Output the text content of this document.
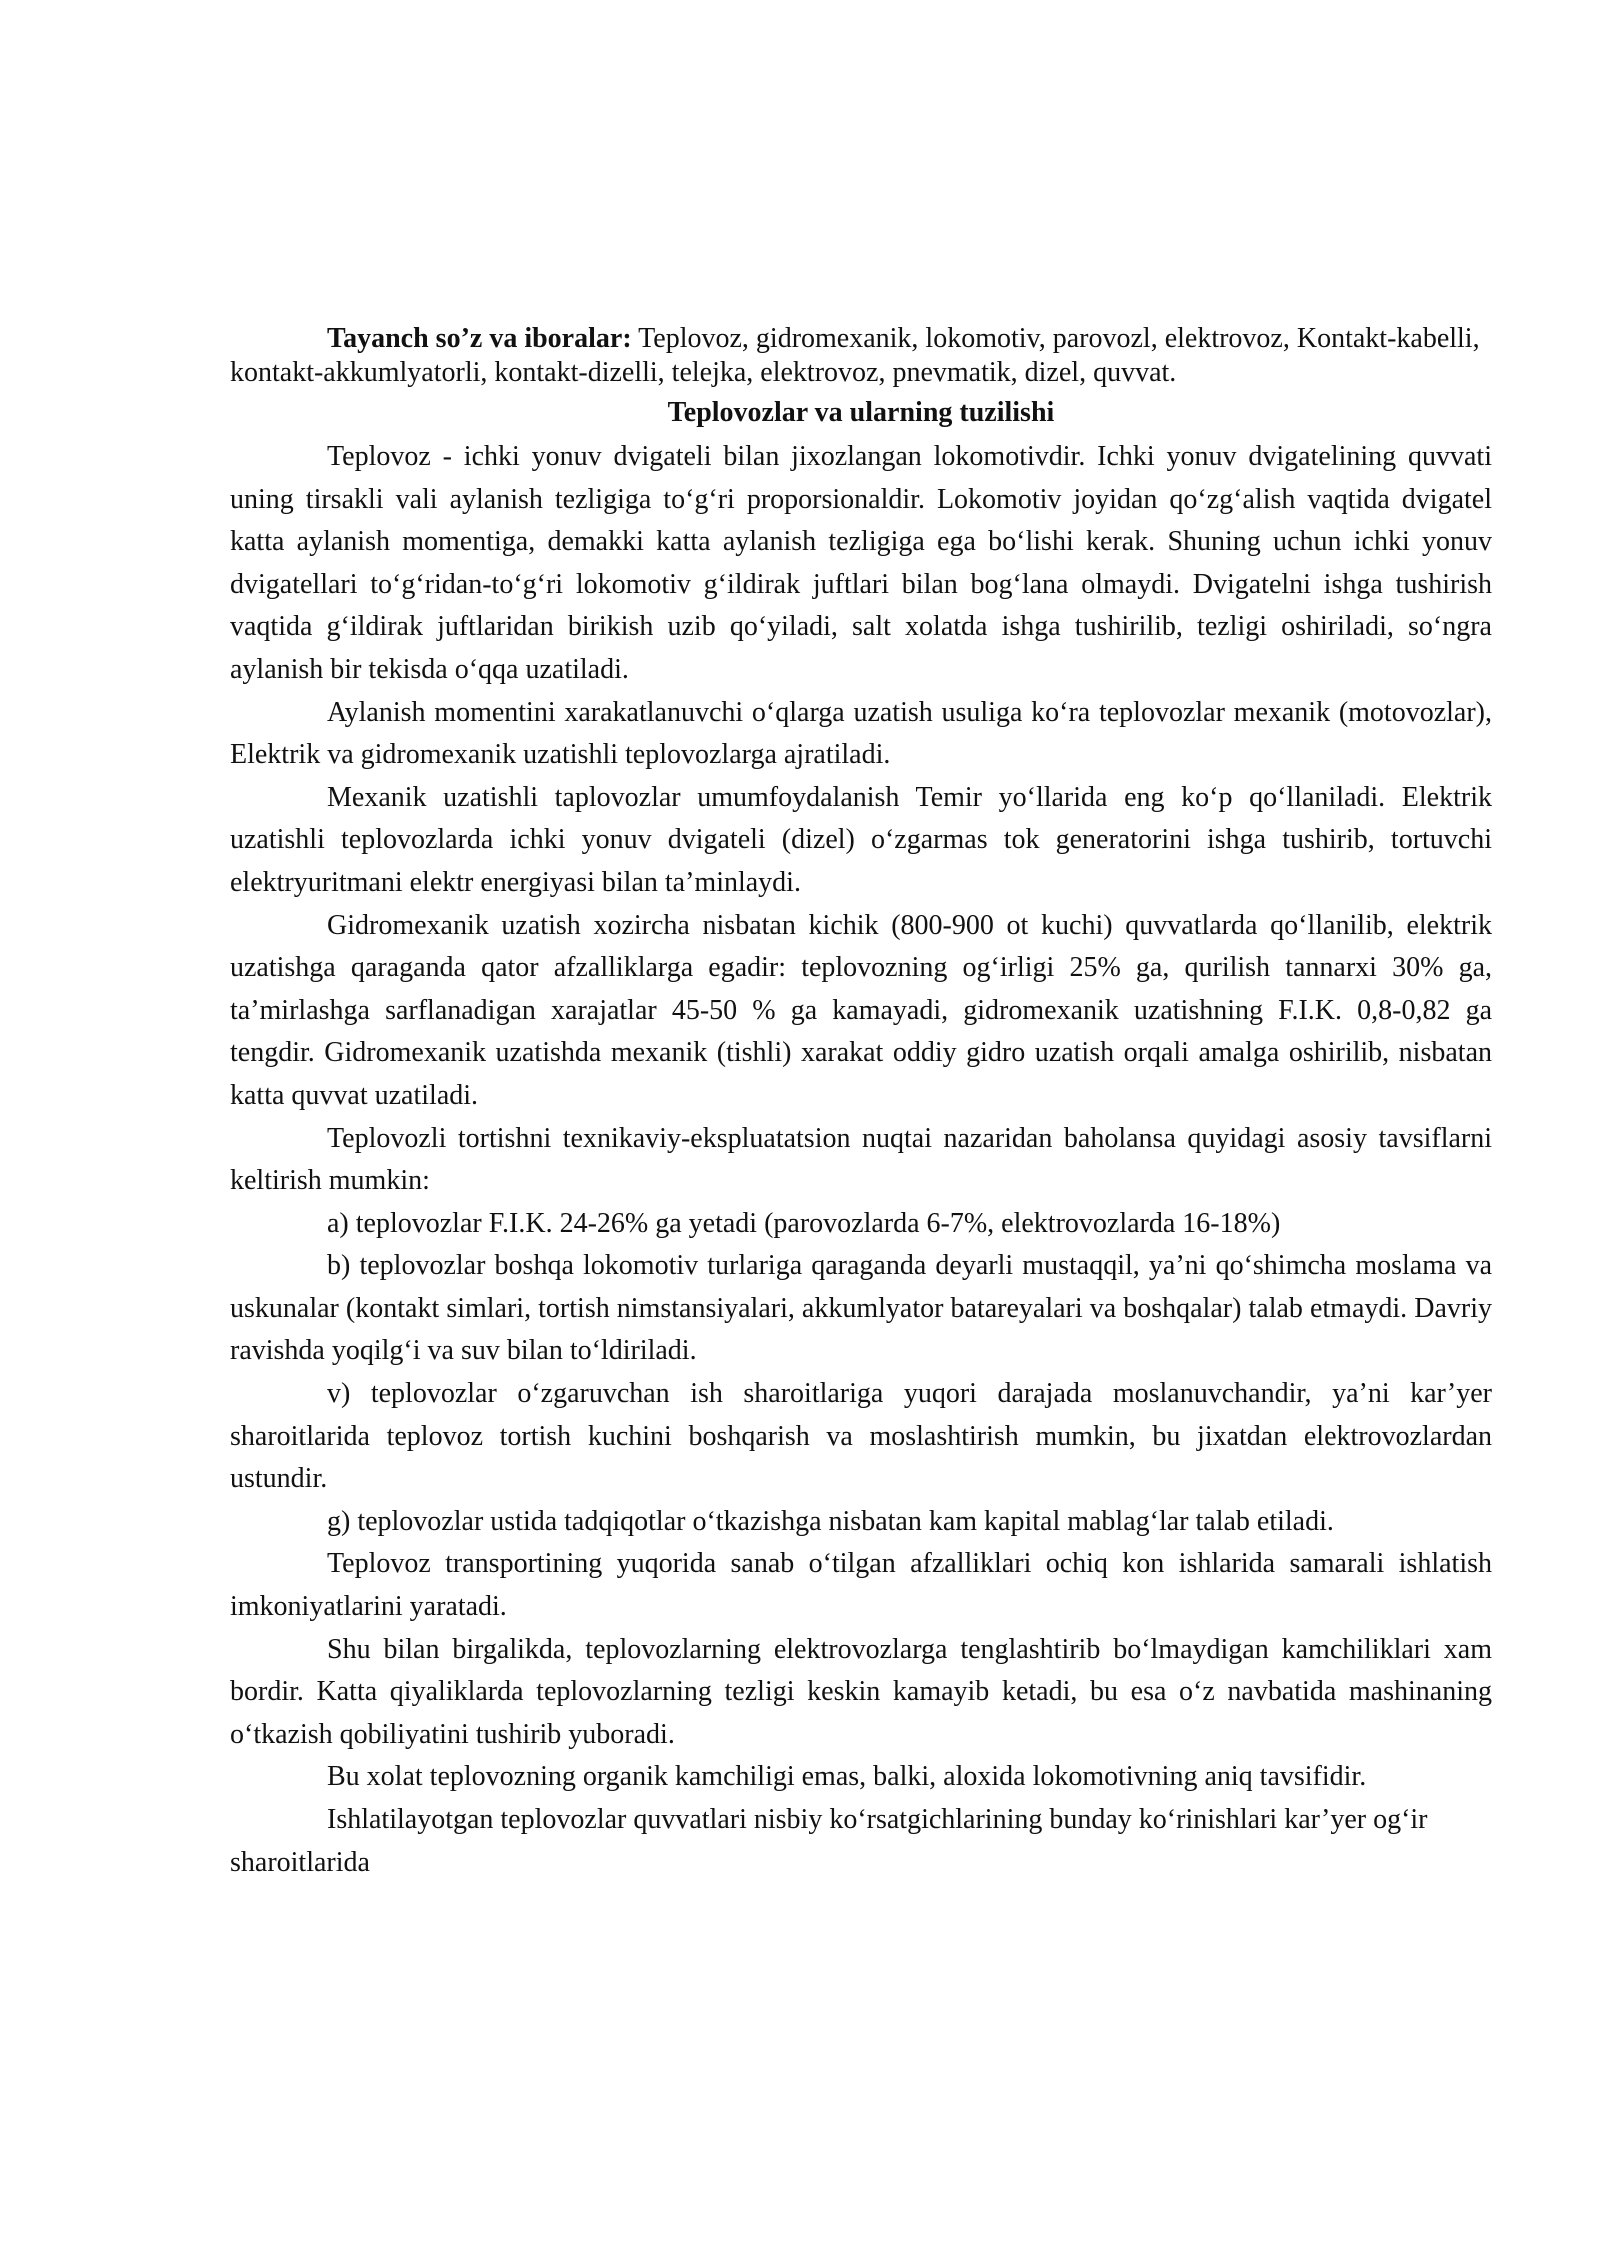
Tayanch so’z va iboralar: Teplovoz, gidromexanik, lokomotiv, parovozl, elektrovoz, Kontakt-kabelli, kontakt-akkumlyatorli, kontakt-dizelli, telejka, elektrovoz, pnevmatik, dizel, quvvat.

Teplovozlar va ularning tuzilishi

Teplovoz - ichki yonuv dvigateli bilan jixozlangan lokomotivdir. Ichki yonuv dvigatelining quvvati uning tirsakli vali aylanish tezligiga to‘g‘ri proporsionaldir. Lokomotiv joyidan qo‘zg‘alish vaqtida dvigatel katta aylanish momentiga, demakki katta aylanish tezligiga ega bo‘lishi kerak. Shuning uchun ichki yonuv dvigatellari to‘g‘ridan-to‘g‘ri lokomotiv g‘ildirak juftlari bilan bog‘lana olmaydi. Dvigatelni ishga tushirish vaqtida g‘ildirak juftlaridan birikish uzib qo‘yiladi, salt xolatda ishga tushirilib, tezligi oshiriladi, so‘ngra aylanish bir tekisda o‘qqa uzatiladi.

Aylanish momentini xarakatlanuvchi o‘qlarga uzatish usuliga ko‘ra teplovozlar mexanik (motovozlar), Elektrik va gidromexanik uzatishli teplovozlarga ajratiladi.

Mexanik uzatishli taplovozlar umumfoydalanish Temir yo‘llarida eng ko‘p qo‘llaniladi. Elektrik uzatishli teplovozlarda ichki yonuv dvigateli (dizel) o‘zgarmas tok generatorini ishga tushirib, tortuvchi elektryuritmani elektr energiyasi bilan ta’minlaydi.

Gidromexanik uzatish xozircha nisbatan kichik (800-900 ot kuchi) quvvatlarda qo‘llanilib, elektrik uzatishga qaraganda qator afzalliklarga egadir: teplovozning og‘irligi 25% ga, qurilish tannarxi 30% ga, ta’mirlashga sarflanadigan xarajatlar 45-50 % ga kamayadi, gidromexanik uzatishning F.I.K. 0,8-0,82 ga tengdir. Gidromexanik uzatishda mexanik (tishli) xarakat oddiy gidro uzatish orqali amalga oshirilib, nisbatan katta quvvat uzatiladi.

Teplovozli tortishni texnikaviy-ekspluatatsion nuqtai nazaridan baholansa quyidagi asosiy tavsiflarni keltirish mumkin:

a) teplovozlar F.I.K. 24-26% ga yetadi (parovozlarda 6-7%, elektrovozlarda 16-18%)

b) teplovozlar boshqa lokomotiv turlariga qaraganda deyarli mustaqqil, ya’ni qo‘shimcha moslama va uskunalar (kontakt simlari, tortish nimstansiyalari, akkumlyator batareyalari va boshqalar) talab etmaydi. Davriy ravishda yoqilg‘i va suv bilan to‘ldiriladi.

v) teplovozlar o‘zgaruvchan ish sharoitlariga yuqori darajada moslanuvchandir, ya’ni kar’yer sharoitlarida teplovoz tortish kuchini boshqarish va moslashtirish mumkin, bu jixatdan elektrovozlardan ustundir.

g) teplovozlar ustida tadqiqotlar o‘tkazishga nisbatan kam kapital mablag‘lar talab etiladi.

Teplovoz transportining yuqorida sanab o‘tilgan afzalliklari ochiq kon ishlarida samarali ishlatish imkoniyatlarini yaratadi.

Shu bilan birgalikda, teplovozlarning elektrovozlarga tenglashtirib bo‘lmaydigan kamchiliklari xam bordir. Katta qiyaliklarda teplovozlarning tezligi keskin kamayib ketadi, bu esa o‘z navbatida mashinaning o‘tkazish qobiliyatini tushirib yuboradi.

Bu xolat teplovozning organik kamchiligi emas, balki, aloxida lokomotivning aniq tavsifidir.

Ishlatilayotgan teplovozlar quvvatlari nisbiy ko‘rsatgichlarining bunday ko‘rinishlari kar’yer og‘ir sharoitlarida
